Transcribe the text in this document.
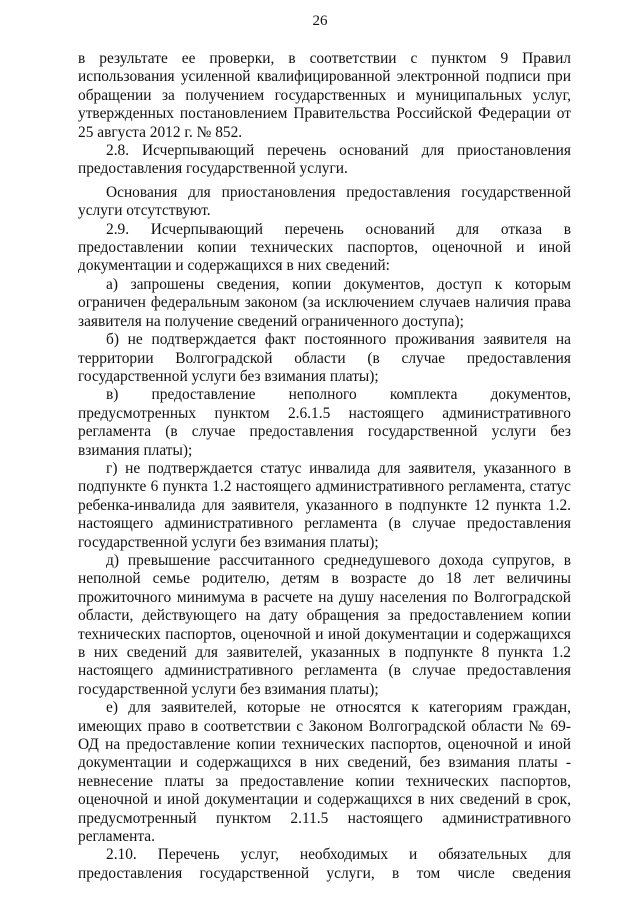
26

в результате ее проверки, в соответствии с пунктом 9 Правил использования усиленной квалифицированной электронной подписи при обращении за получением государственных и муниципальных услуг, утвержденных постановлением Правительства Российской Федерации от 25 августа 2012 г. № 852.

2.8. Исчерпывающий перечень оснований для приостановления предоставления государственной услуги.

Основания для приостановления предоставления государственной услуги отсутствуют.

2.9. Исчерпывающий перечень оснований для отказа в предоставлении копии технических паспортов, оценочной и иной документации и содержащихся в них сведений:

а) запрошены сведения, копии документов, доступ к которым ограничен федеральным законом (за исключением случаев наличия права заявителя на получение сведений ограниченного доступа);

б) не подтверждается факт постоянного проживания заявителя на территории Волгоградской области (в случае предоставления государственной услуги без взимания платы);

в) предоставление неполного комплекта документов, предусмотренных пунктом 2.6.1.5 настоящего административного регламента (в случае предоставления государственной услуги без взимания платы);

г) не подтверждается статус инвалида для заявителя, указанного в подпункте 6 пункта 1.2 настоящего административного регламента, статус ребенка-инвалида для заявителя, указанного в подпункте 12 пункта 1.2. настоящего административного регламента (в случае предоставления государственной услуги без взимания платы);

д) превышение рассчитанного среднедушевого дохода супругов, в неполной семье родителю, детям в возрасте до 18 лет величины прожиточного минимума в расчете на душу населения по Волгоградской области, действующего на дату обращения за предоставлением копии технических паспортов, оценочной и иной документации и содержащихся в них сведений для заявителей, указанных в подпункте 8 пункта 1.2 настоящего административного регламента (в случае предоставления государственной услуги без взимания платы);

е) для заявителей, которые не относятся к категориям граждан, имеющих право в соответствии с Законом Волгоградской области № 69-ОД на предоставление копии технических паспортов, оценочной и иной документации и содержащихся в них сведений, без взимания платы - невнесение платы за предоставление копии технических паспортов, оценочной и иной документации и содержащихся в них сведений в срок, предусмотренный пунктом 2.11.5 настоящего административного регламента.

2.10. Перечень услуг, необходимых и обязательных для предоставления государственной услуги, в том числе сведения
